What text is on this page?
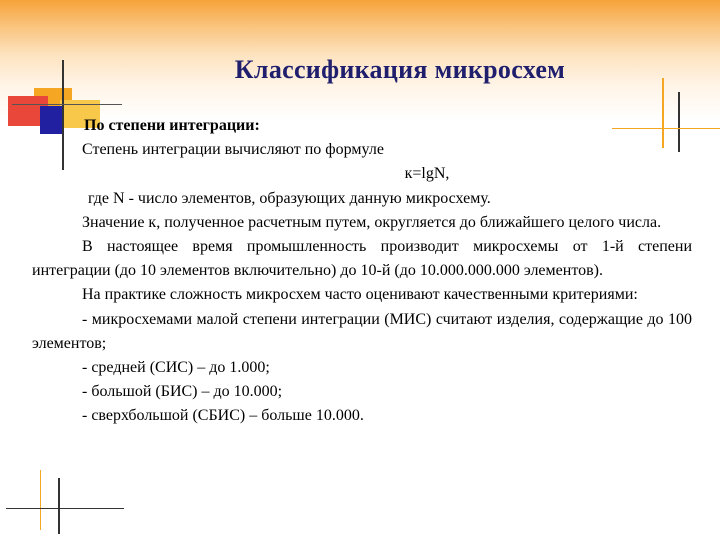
Классификация микросхем

По степени интеграции:

Степень интеграции вычисляют по формуле

к=lgN,

где N - число элементов, образующих данную микросхему.

Значение к, полученное расчетным путем, округляется до ближайшего целого числа.

В настоящее время промышленность производит микросхемы от 1-й степени интеграции (до 10 элементов включительно) до 10-й (до 10.000.000.000 элементов).

На практике сложность микросхем часто оценивают качественными критериями:

- микросхемами малой степени интеграции (МИС) считают изделия, содержащие до 100 элементов;

- средней (СИС) – до 1.000;

- большой (БИС) – до 10.000;

- сверхбольшой (СБИС) – больше 10.000.
